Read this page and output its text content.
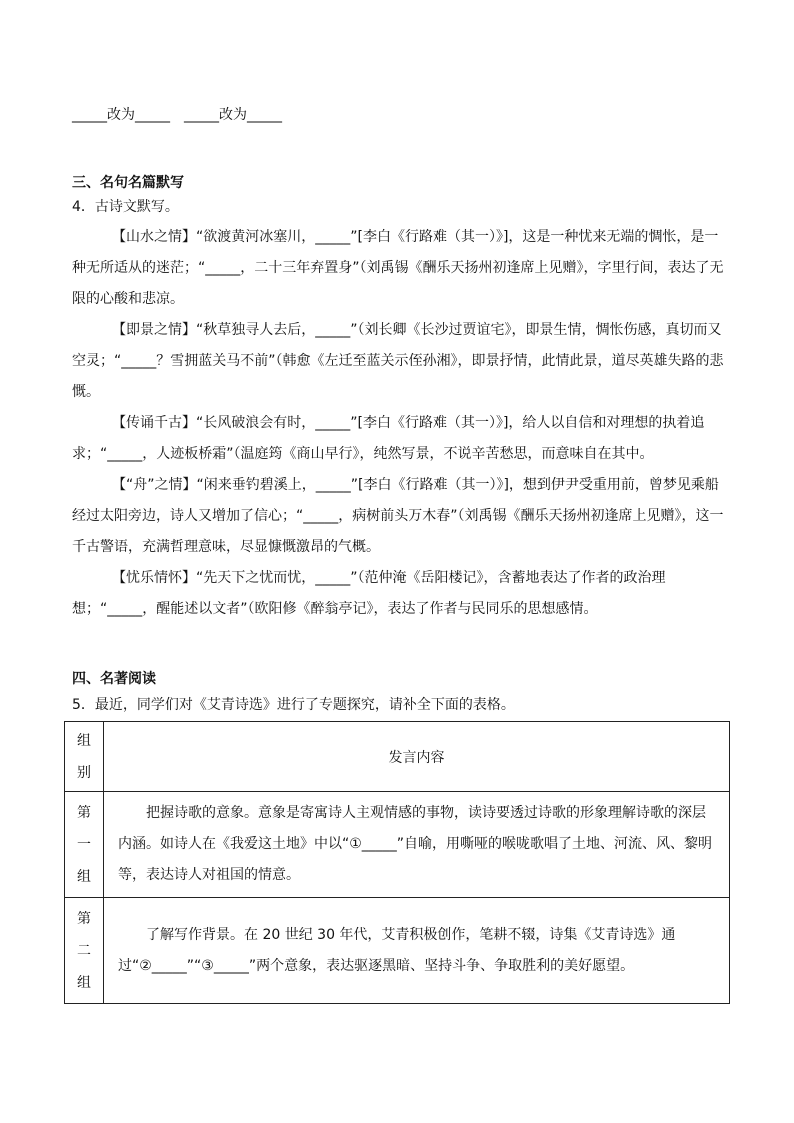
_____改为_____ _____改为_____
三、名句名篇默写
4．古诗文默写。

【山水之情】“欲渡黄河冰塞川，_____”[李白《行路难（其一）》]，这是一种忧来无端的惆怅，是一种无所适从的迷茫；“_____，二十三年弃置身”（刘禹锡《酬乐天扬州初逢席上见赠》，字里行间，表达了无限的心酸和悲凉。

【即景之情】“秋草独寻人去后，_____”（刘长卿《长沙过贾谊宅》，即景生情，惆怅伤感，真切而又空灵；“_____？雪拥蓝关马不前”（韩愈《左迁至蓝关示侄孙湘》，即景抒情，此情此景，道尽英雄失路的悲慨。

【传诵千古】“长风破浪会有时，_____”[李白《行路难（其一）》]，给人以自信和对理想的执着追求；“_____，人迹板桥霜”（温庭筠《商山早行》，纯然写景，不说辛苦愁思，而意味自在其中。

【“舟”之情】“闲来垂钓碧溪上，_____”[李白《行路难（其一）》]，想到伊尹受重用前，曾梦见乘船经过太阳旁边，诗人又增加了信心；“_____，病树前头万木春”（刘禹锡《酬乐天扬州初逢席上见赠》，这一千古警语，充满哲理意味，尽显慷慨激昂的气概。

【忧乐情怀】“先天下之忧而忧，_____”（范仲淹《岳阳楼记》，含蓄地表达了作者的政治理想；“_____，醒能述以文者”（欧阳修《醉翁亭记》，表达了作者与民同乐的思想感情。

四、名著阅读
5．最近，同学们对《艾青诗选》进行了专题探究，请补全下面的表格。
组
别	发言内容

第
一
组	把握诗歌的意象。意象是寄寓诗人主观情感的事物，读诗要透过诗歌的形象理解诗歌的深层内涵。如诗人在《我爱这土地》中以“①_____”自喻，用嘶哑的喉咙歌唱了土地、河流、风、黎明等，表达诗人对祖国的情意。

第
二
组	了解写作背景。在 20 世纪 30 年代，艾青积极创作，笔耕不辍，诗集《艾青诗选》通过“②_____”“③_____”两个意象，表达驱逐黑暗、坚持斗争、争取胜利的美好愿望。
